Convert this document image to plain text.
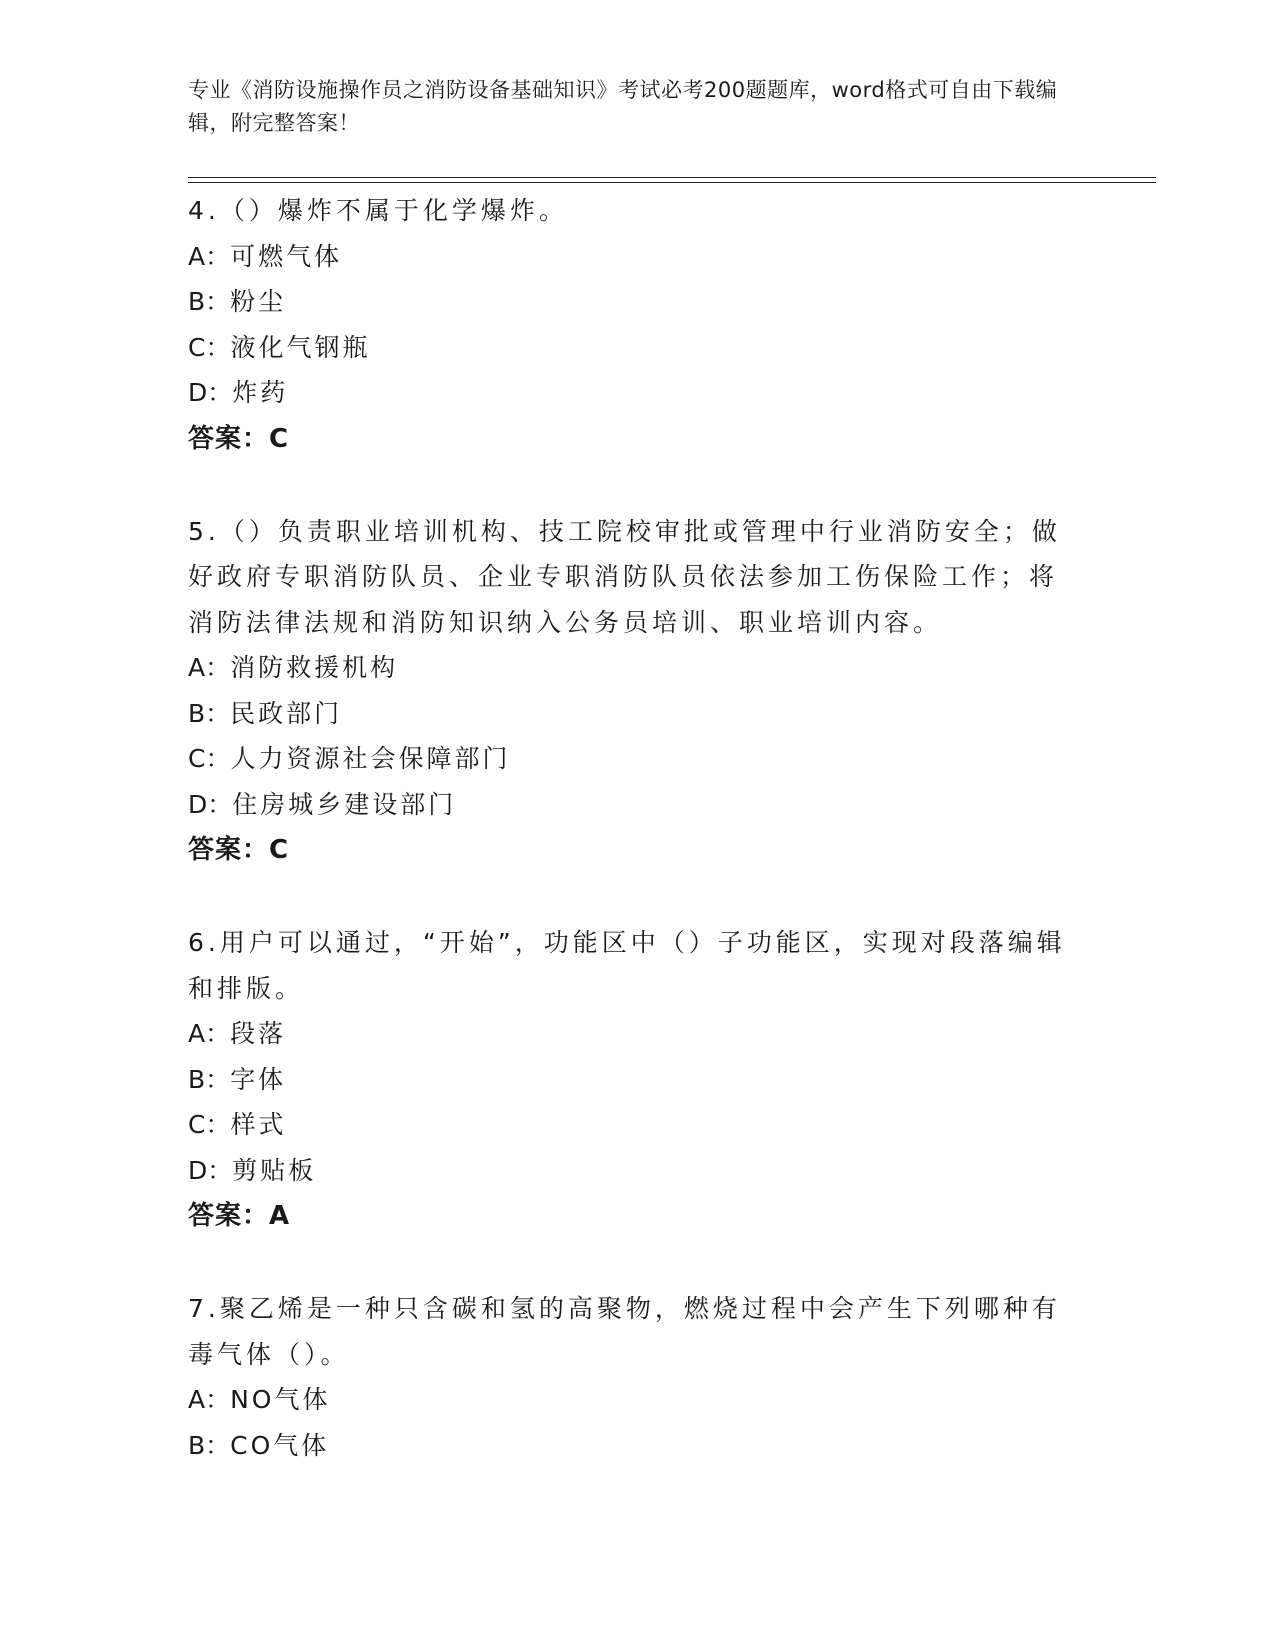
专业《消防设施操作员之消防设备基础知识》考试必考200题题库，word格式可自由下载编辑，附完整答案！
4.（）爆炸不属于化学爆炸。
A：可燃气体
B：粉尘
C：液化气钢瓶
D：炸药
答案：C
5.（）负责职业培训机构、技工院校审批或管理中行业消防安全；做好政府专职消防队员、企业专职消防队员依法参加工伤保险工作；将消防法律法规和消防知识纳入公务员培训、职业培训内容。
A：消防救援机构
B：民政部门
C：人力资源社会保障部门
D：住房城乡建设部门
答案：C
6.用户可以通过，“开始”，功能区中（）子功能区，实现对段落编辑和排版。
A：段落
B：字体
C：样式
D：剪贴板
答案：A
7.聚乙烯是一种只含碳和氢的高聚物，燃烧过程中会产生下列哪种有毒气体（）。
A：NO气体
B：CO气体
